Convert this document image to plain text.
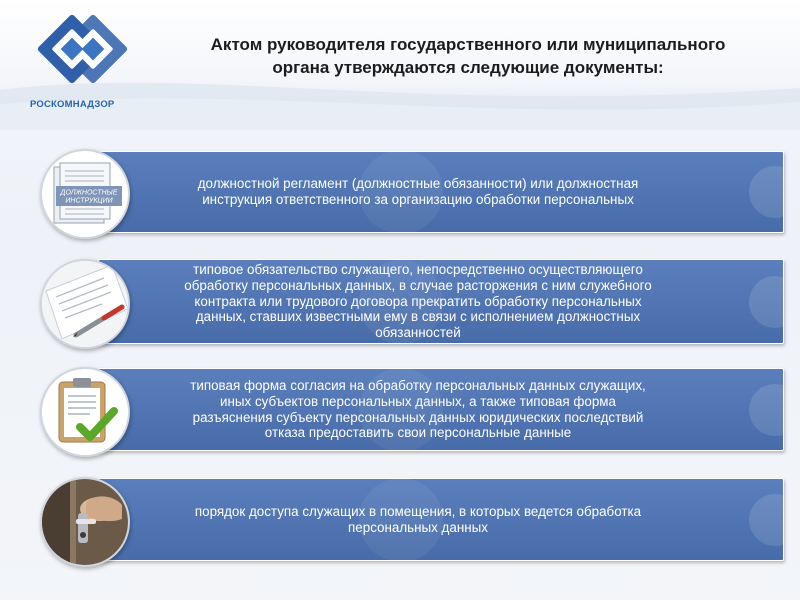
РОСКОМНАДЗОР
Актом руководителя государственного или муниципального
органа утверждаются следующие документы:
должностной регламент (должностные обязанности) или должностная
инструкция ответственного за организацию обработки персональных
ДОЛЖНОСТНЫЕ
ИНСТРУКЦИИ
типовое обязательство служащего, непосредственно осуществляющего
обработку персональных данных, в случае расторжения с ним служебного
контракта или трудового договора прекратить обработку персональных
данных, ставших известными ему в связи с исполнением должностных
обязанностей
типовая форма согласия на обработку персональных данных служащих,
иных субъектов персональных данных, а также типовая форма
разъяснения субъекту персональных данных юридических последствий
отказа предоставить свои персональные данные
порядок доступа служащих в помещения, в которых ведется обработка
персональных данных
